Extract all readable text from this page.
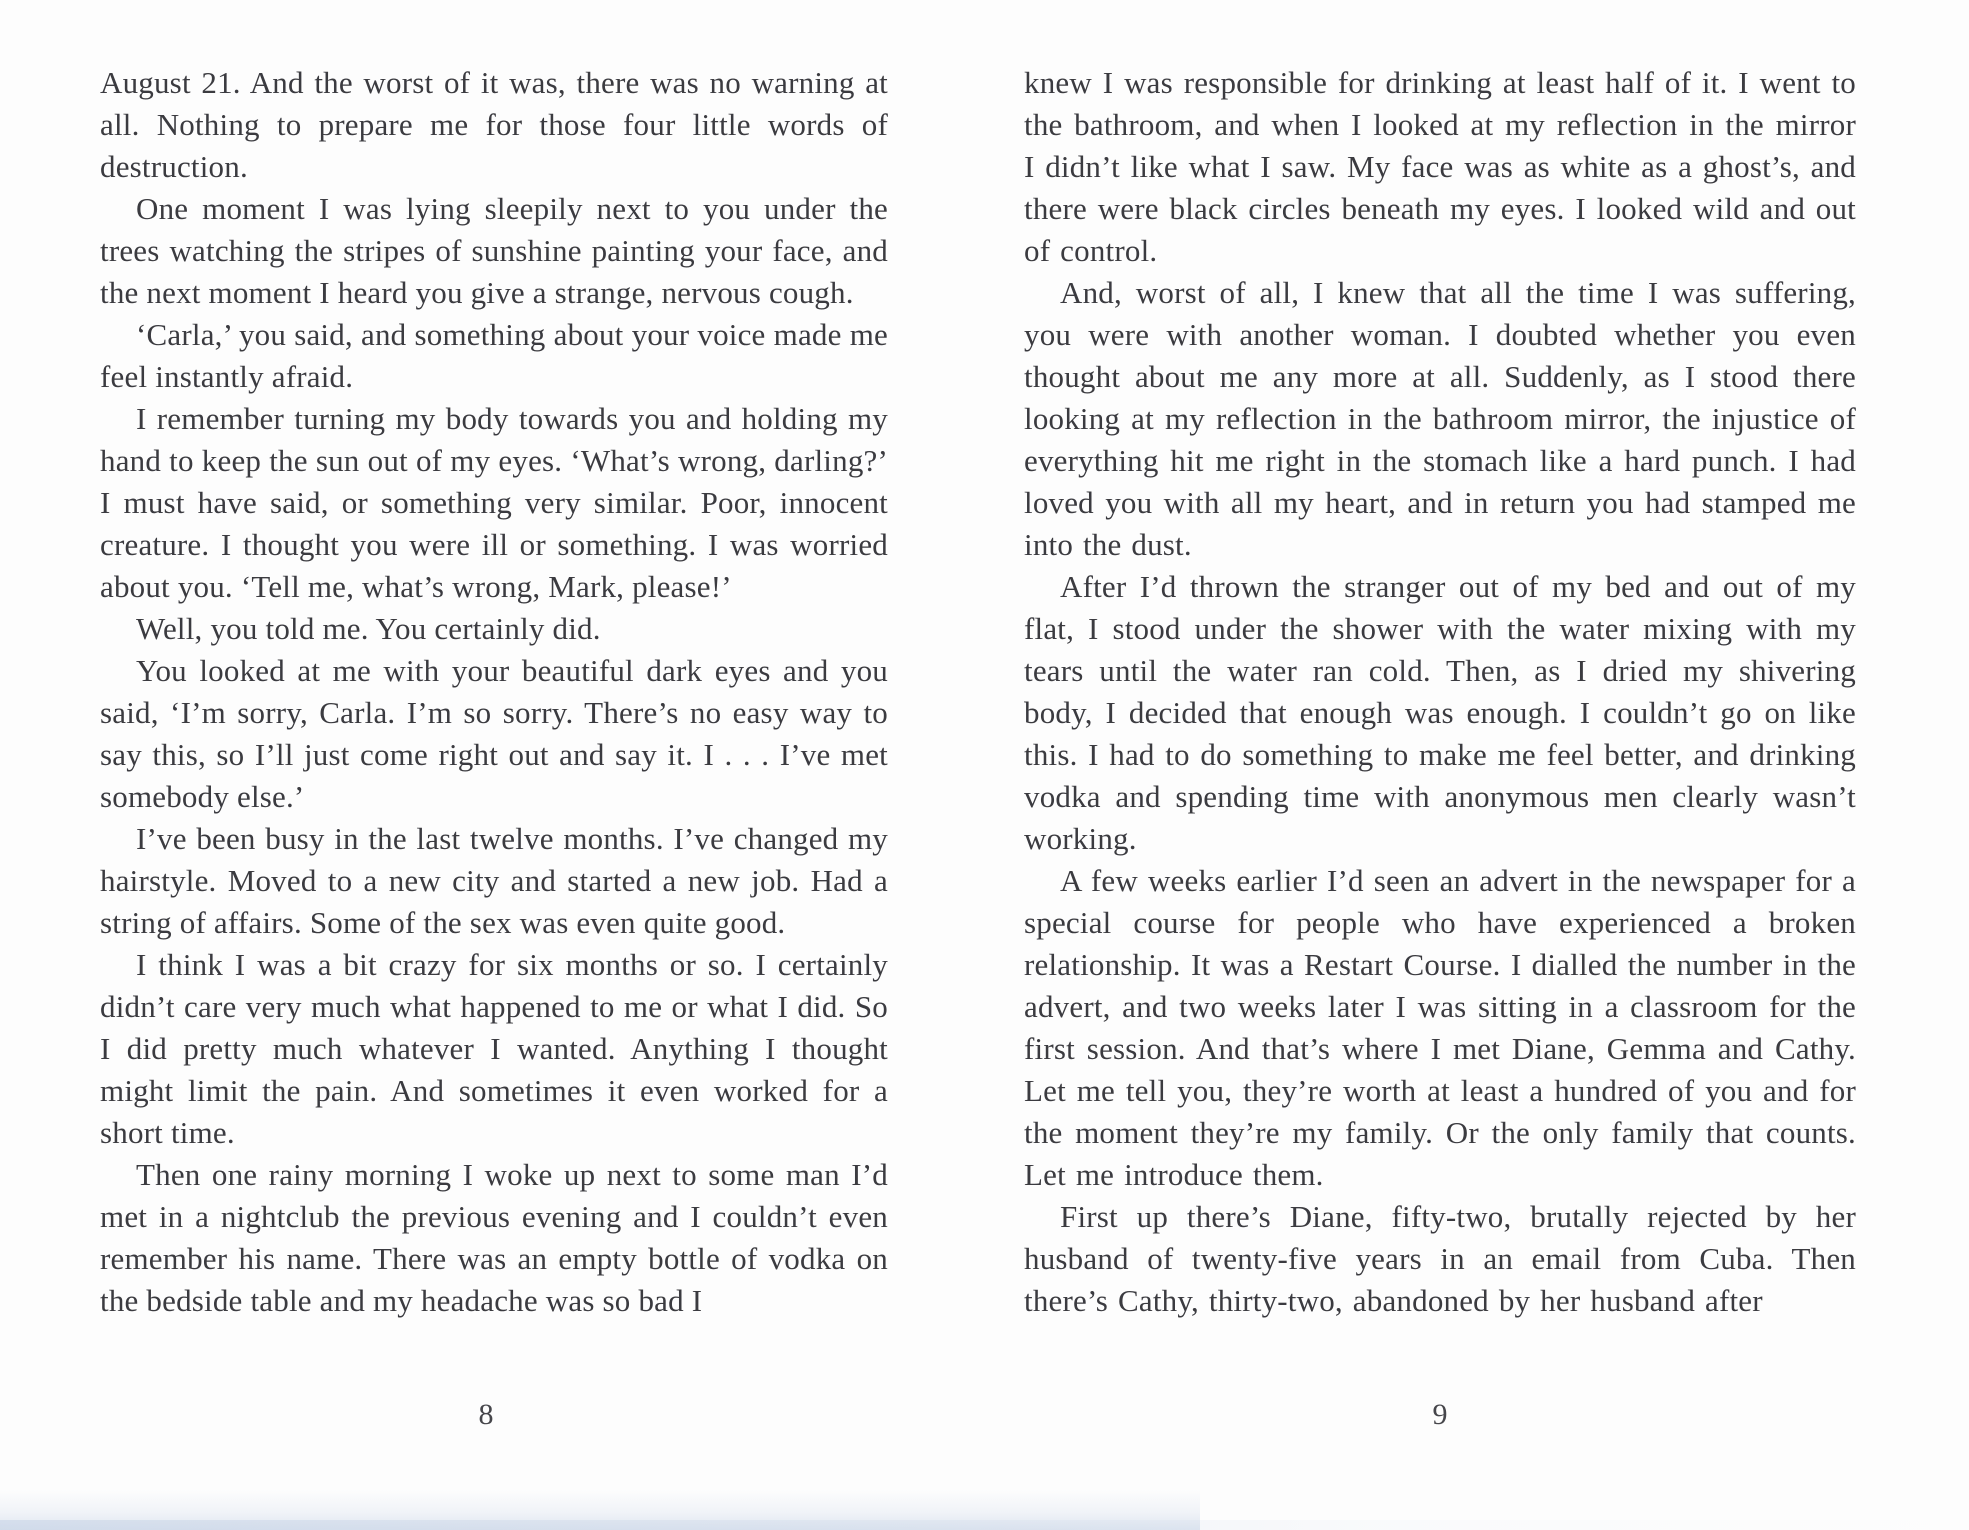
August 21. And the worst of it was, there was no warning at all. Nothing to prepare me for those four little words of destruction.

One moment I was lying sleepily next to you under the trees watching the stripes of sunshine painting your face, and the next moment I heard you give a strange, nervous cough.

‘Carla,’ you said, and something about your voice made me feel instantly afraid.

I remember turning my body towards you and holding my hand to keep the sun out of my eyes. ‘What’s wrong, darling?’ I must have said, or something very similar. Poor, innocent creature. I thought you were ill or something. I was worried about you. ‘Tell me, what’s wrong, Mark, please!’

Well, you told me. You certainly did.

You looked at me with your beautiful dark eyes and you said, ‘I’m sorry, Carla. I’m so sorry. There’s no easy way to say this, so I’ll just come right out and say it. I . . . I’ve met somebody else.’

I’ve been busy in the last twelve months. I’ve changed my hairstyle. Moved to a new city and started a new job. Had a string of affairs. Some of the sex was even quite good.

I think I was a bit crazy for six months or so. I certainly didn’t care very much what happened to me or what I did. So I did pretty much whatever I wanted. Anything I thought might limit the pain. And sometimes it even worked for a short time.

Then one rainy morning I woke up next to some man I’d met in a nightclub the previous evening and I couldn’t even remember his name. There was an empty bottle of vodka on the bedside table and my headache was so bad I

8

knew I was responsible for drinking at least half of it. I went to the bathroom, and when I looked at my reflection in the mirror I didn’t like what I saw. My face was as white as a ghost’s, and there were black circles beneath my eyes. I looked wild and out of control.

And, worst of all, I knew that all the time I was suffering, you were with another woman. I doubted whether you even thought about me any more at all. Suddenly, as I stood there looking at my reflection in the bathroom mirror, the injustice of everything hit me right in the stomach like a hard punch. I had loved you with all my heart, and in return you had stamped me into the dust.

After I’d thrown the stranger out of my bed and out of my flat, I stood under the shower with the water mixing with my tears until the water ran cold. Then, as I dried my shivering body, I decided that enough was enough. I couldn’t go on like this. I had to do something to make me feel better, and drinking vodka and spending time with anonymous men clearly wasn’t working.

A few weeks earlier I’d seen an advert in the newspaper for a special course for people who have experienced a broken relationship. It was a Restart Course. I dialled the number in the advert, and two weeks later I was sitting in a classroom for the first session. And that’s where I met Diane, Gemma and Cathy. Let me tell you, they’re worth at least a hundred of you and for the moment they’re my family. Or the only family that counts. Let me introduce them.

First up there’s Diane, fifty-two, brutally rejected by her husband of twenty-five years in an email from Cuba. Then there’s Cathy, thirty-two, abandoned by her husband after

9
